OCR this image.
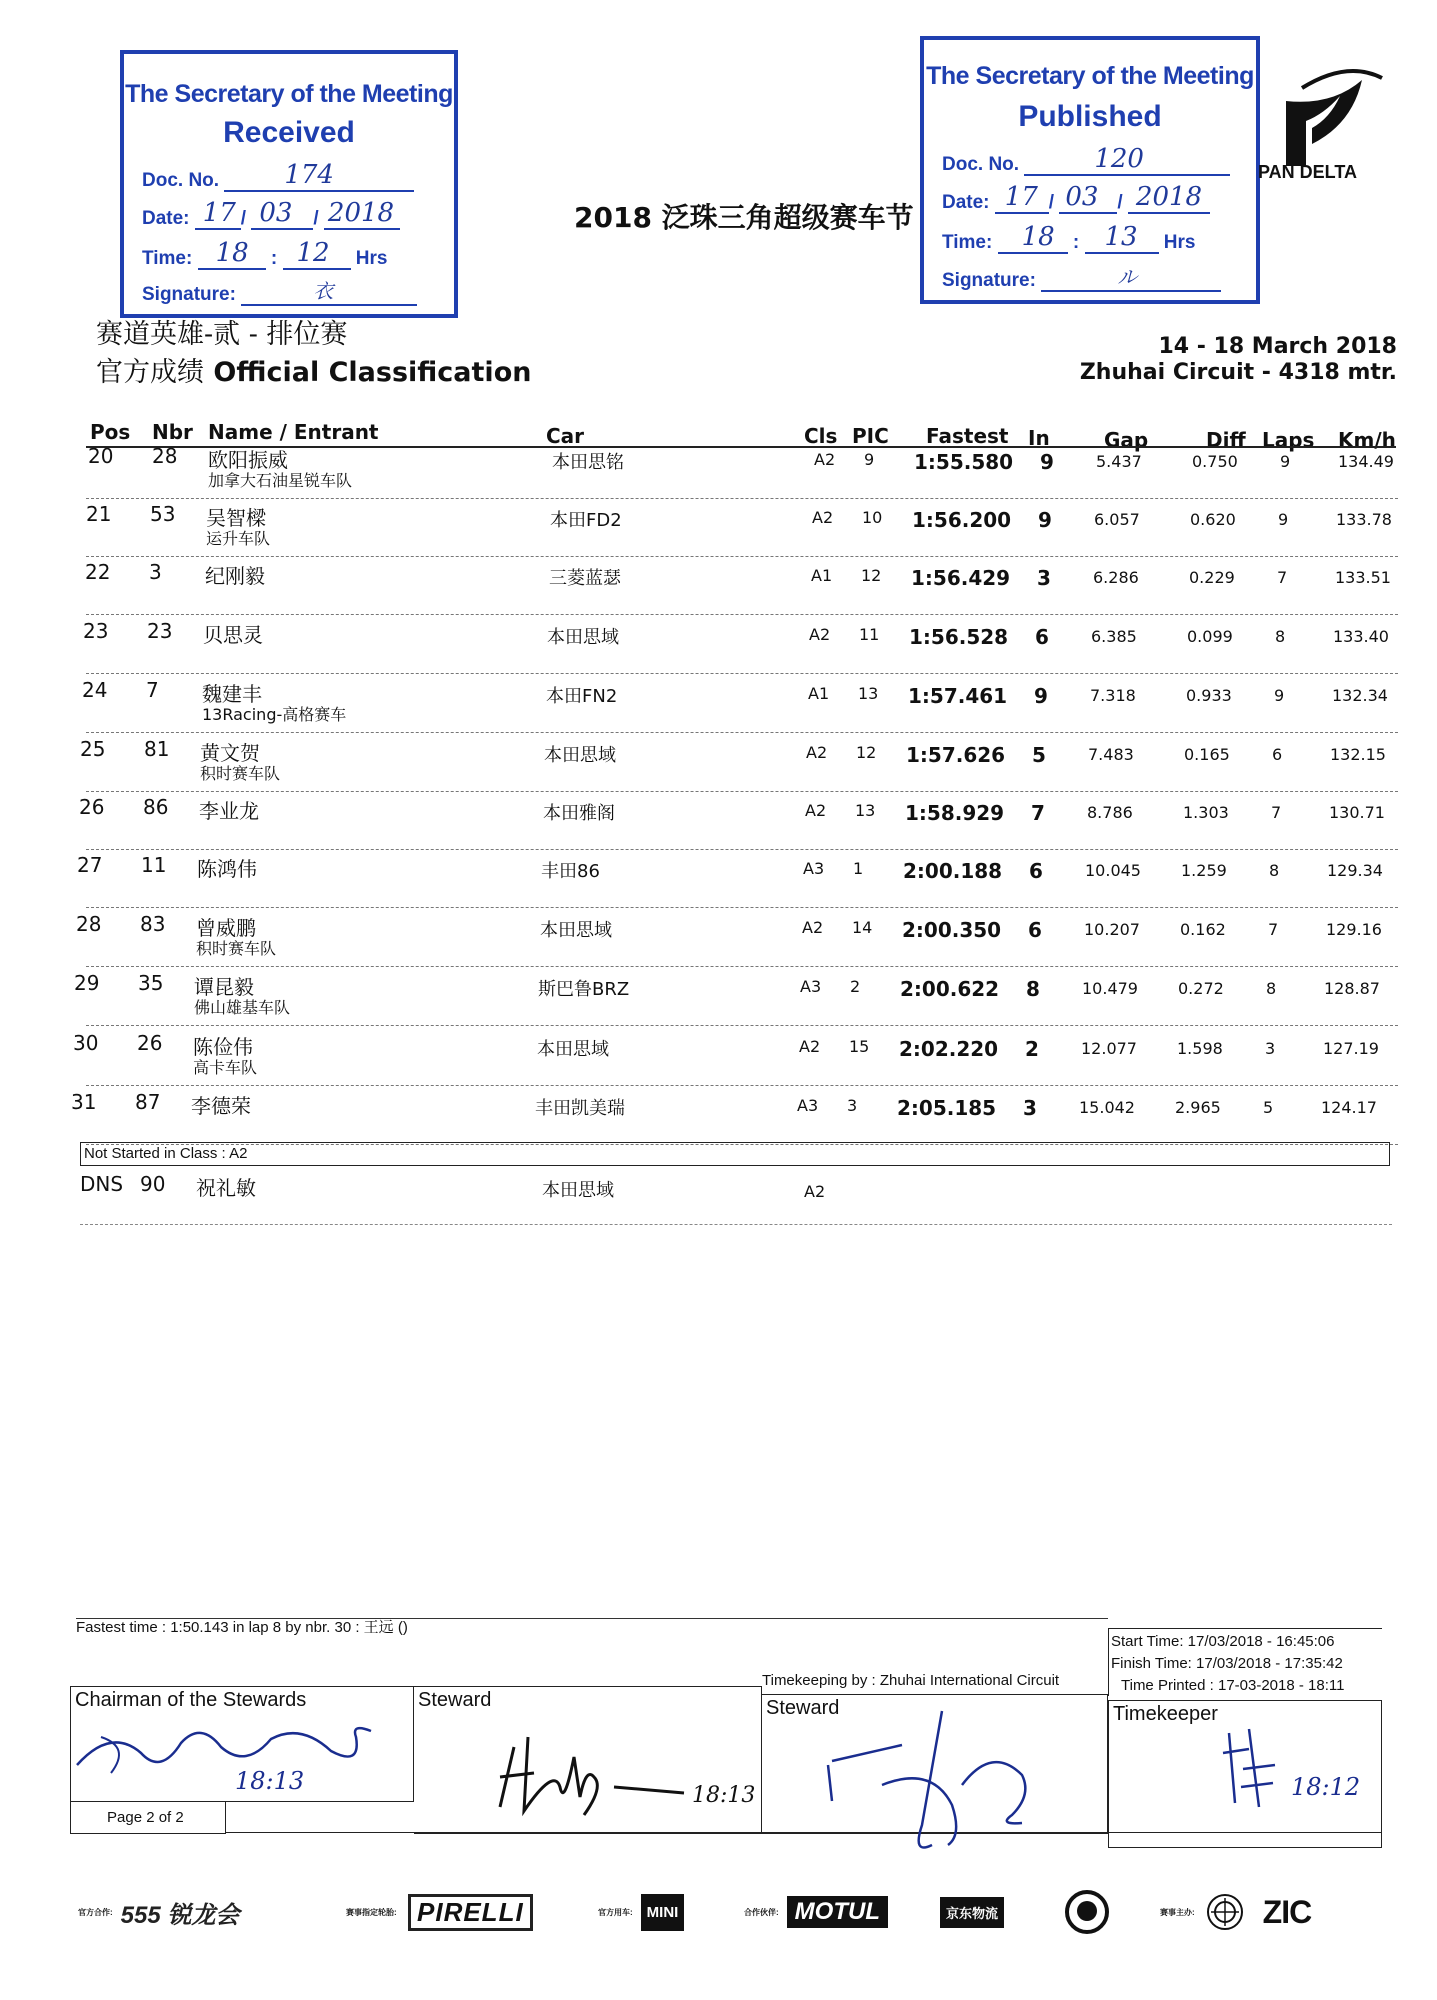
The Secretary of the Meeting
Received
Doc. No.	174
Date: 17 / 03 / 2018
Time: 18 : 12 Hrs
Signature:	衣
The Secretary of the Meeting
Published
Doc. No.	120
Date: 17 / 03 / 2018
Time: 18 : 13 Hrs
Signature:	ル
PAN DELTA
2018 泛珠三角超级赛车节
赛道英雄-贰 - 排位赛
官方成绩 Official Classification
14 - 18 March 2018
Zhuhai Circuit - 4318 mtr.
Pos Nbr Name / Entrant	Car	Cls PIC Fastest In	Gap	Diff Laps Km/h
20 28 欧阳振威
加拿大石油星锐车队
本田思铭	A2 9 1:55.580 9	5.437	0.750	9	134.49
21 53 吴智樑
运升车队
本田FD2	A2 10 1:56.200 9	6.057	0.620	9	133.78
22 3 纪刚毅	三菱蓝瑟	A1 12 1:56.429 3	6.286	0.229	7	133.51
23 23 贝思灵	本田思域	A2 11 1:56.528 6	6.385	0.099	8	133.40
24 7 魏建丰
13Racing-高格赛车
本田FN2	A1 13 1:57.461 9	7.318	0.933	9	132.34
25 81 黄文贺
积时赛车队
本田思域	A2 12 1:57.626 5	7.483	0.165	6	132.15
26 86 李业龙	本田雅阁	A2 13 1:58.929 7	8.786	1.303	7	130.71
27 11 陈鸿伟	丰田86	A3 1 2:00.188 6	10.045	1.259	8	129.34
28 83 曾威鹏
积时赛车队
本田思域	A2 14 2:00.350 6	10.207	0.162	7	129.16
29 35 谭昆毅
佛山雄基车队
斯巴鲁BRZ	A3 2 2:00.622 8	10.479	0.272	8	128.87
30 26 陈俭伟
高卡车队
本田思域	A2 15 2:02.220 2	12.077	1.598	3	127.19
31 87 李德荣	丰田凯美瑞	A3 3 2:05.185 3	15.042	2.965	5	124.17
Not Started in Class : A2
DNS 90 祝礼敏	本田思域	A2
Fastest time : 1:50.143 in lap 8 by nbr. 30 : 王远 ()
Start Time: 17/03/2018 - 16:45:06
Finish Time: 17/03/2018 - 17:35:42
Time Printed : 17-03-2018 - 18:11
Timekeeping by : Zhuhai International Circuit
Chairman of the Stewards
18:13
Page 2 of 2
Steward
18:13
Steward	Timekeeper
18:12
官方合作: 555 锐龙会	赛事指定轮胎: PIRELLI	官方用车: MINI	合作伙伴: MOTUL	京东物流	赛事主办: ZIC
